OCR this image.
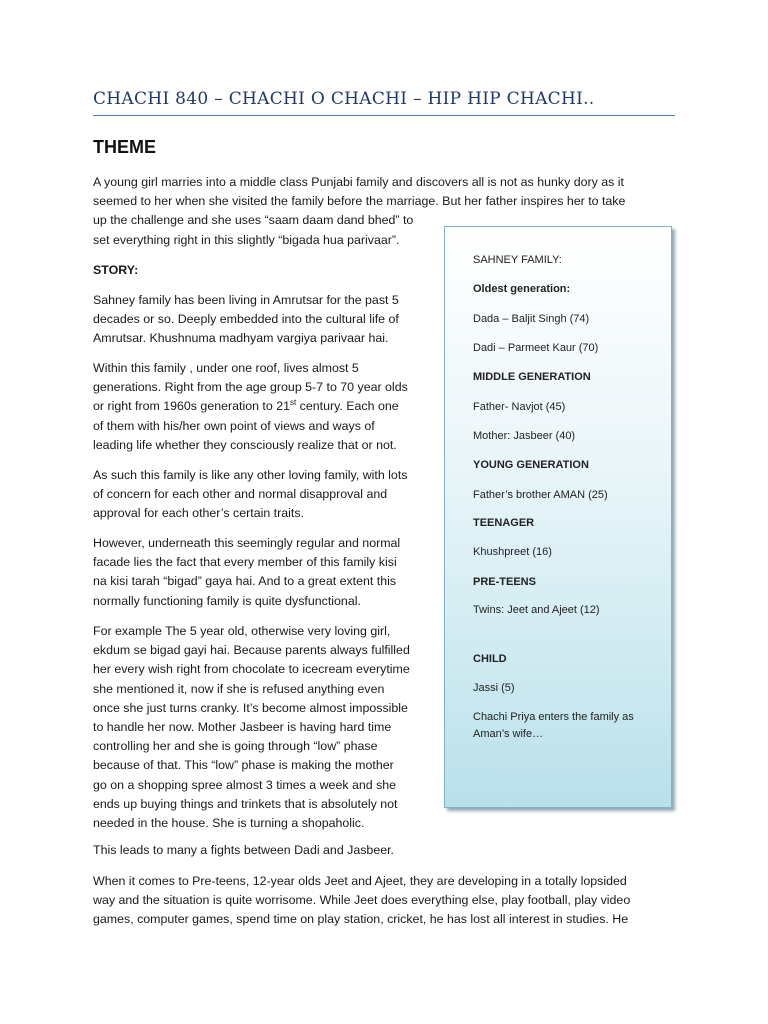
CHACHI 840 – CHACHI O CHACHI – HIP HIP CHACHI..
THEME
A young girl marries into a middle class Punjabi family and discovers all is not as hunky dory as it
seemed to her when she visited the family before the marriage. But her father inspires her to take
up the challenge and she uses “saam daam dand bhed” to
set everything right in this slightly “bigada hua parivaar”.
STORY:
Sahney family has been living in Amrutsar for the past 5
decades or so. Deeply embedded into the cultural life of
Amrutsar. Khushnuma madhyam vargiya parivaar hai.
Within this family , under one roof, lives almost 5
generations. Right from the age group 5-7 to 70 year olds
or right from 1960s generation to 21st century. Each one
of them with his/her own point of views and ways of
leading life whether they consciously realize that or not.
As such this family is like any other loving family, with lots
of concern for each other and normal disapproval and
approval for each other’s certain traits.
However, underneath this seemingly regular and normal
facade lies the fact that every member of this family kisi
na kisi tarah “bigad” gaya hai. And to a great extent this
normally functioning family is quite dysfunctional.
For example The 5 year old, otherwise very loving girl,
ekdum se bigad gayi hai. Because parents always fulfilled
her every wish right from chocolate to icecream everytime
she mentioned it, now if she is refused anything even
once she just turns cranky. It’s become almost impossible
to handle her now. Mother Jasbeer is having hard time
controlling her and she is going through “low” phase
because of that. This “low” phase is making the mother
go on a shopping spree almost 3 times a week and she
ends up buying things and trinkets that is absolutely not
needed in the house. She is turning a shopaholic.
This leads to many a fights between Dadi and Jasbeer.
When it comes to Pre-teens, 12-year olds Jeet and Ajeet, they are developing in a totally lopsided
way and the situation is quite worrisome. While Jeet does everything else, play football, play video
games, computer games, spend time on play station, cricket, he has lost all interest in studies. He
SAHNEY FAMILY:
Oldest generation:
Dada – Baljit Singh (74)
Dadi – Parmeet Kaur (70)
MIDDLE GENERATION
Father- Navjot (45)
Mother: Jasbeer (40)
YOUNG GENERATION
Father’s brother AMAN (25)
TEENAGER
Khushpreet (16)
PRE-TEENS
Twins: Jeet and Ajeet (12)
CHILD
Jassi (5)
Chachi Priya enters the family as
Aman’s wife…
